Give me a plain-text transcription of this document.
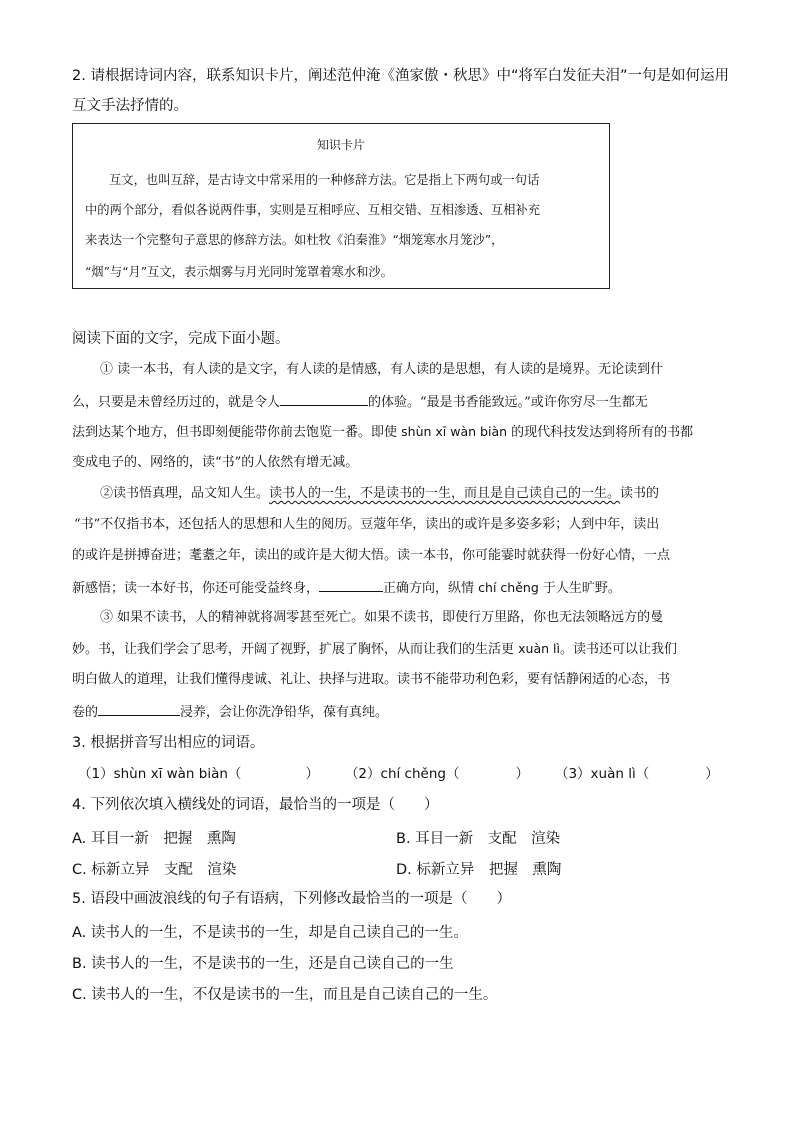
2. 请根据诗词内容，联系知识卡片，阐述范仲淹《渔家傲・秋思》中“将军白发征夫泪”一句是如何运用
互文手法抒情的。
知识卡片
互文，也叫互辞，是古诗文中常采用的一种修辞方法。它是指上下两句或一句话
中的两个部分，看似各说两件事，实则是互相呼应、互相交错、互相渗透、互相补充
来表达一个完整句子意思的修辞方法。如杜牧《泊秦淮》“烟笼寒水月笼沙”，
“烟”与“月”互文，表示烟雾与月光同时笼罩着寒水和沙。
阅读下面的文字，完成下面小题。
① 读一本书，有人读的是文字，有人读的是情感，有人读的是思想，有人读的是境界。无论读到什
么，只要是未曾经历过的，就是令人	的体验。“最是书香能致远。”或许你穷尽一生都无
法到达某个地方，但书即刻便能带你前去饱览一番。即使 shùn xī wàn biàn 的现代科技发达到将所有的书都
变成电子的、网络的，读“书”的人依然有增无减。
②读书悟真理，品文知人生。读书人的一生，不是读书的一生，而且是自己读自己的一生。读书的
“书”不仅指书本，还包括人的思想和人生的阅历。豆蔻年华，读出的或许是多姿多彩；人到中年，读出
的或许是拼搏奋进；耄耋之年，读出的或许是大彻大悟。读一本书，你可能霎时就获得一份好心情，一点
新感悟；读一本好书，你还可能受益终身，	正确方向，纵情 chí chěng 于人生旷野。
③ 如果不读书，人的精神就将凋零甚至死亡。如果不读书，即使行万里路，你也无法领略远方的曼
妙。书，让我们学会了思考，开阔了视野，扩展了胸怀，从而让我们的生活更 xuàn lì。读书还可以让我们
明白做人的道理，让我们懂得虔诚、礼让、抉择与进取。读书不能带功利色彩，要有恬静闲适的心态，书
卷的	浸养，会让你洗净铅华，葆有真纯。
3. 根据拼音写出相应的词语。
（1）shùn xī wàn biàn（	） （2）chí chěng（	） （3）xuàn lì（	）
4. 下列依次填入横线处的词语，最恰当的一项是（　　）
A. 耳目一新　把握　熏陶	B. 耳目一新　支配　渲染
C. 标新立异　支配　渲染	D. 标新立异　把握　熏陶
5. 语段中画波浪线的句子有语病，下列修改最恰当的一项是（　　）
A. 读书人的一生，不是读书的一生，却是自己读自己的一生。
B. 读书人的一生，不是读书的一生，还是自己读自己的一生
C. 读书人的一生，不仅是读书的一生，而且是自己读自己的一生。
